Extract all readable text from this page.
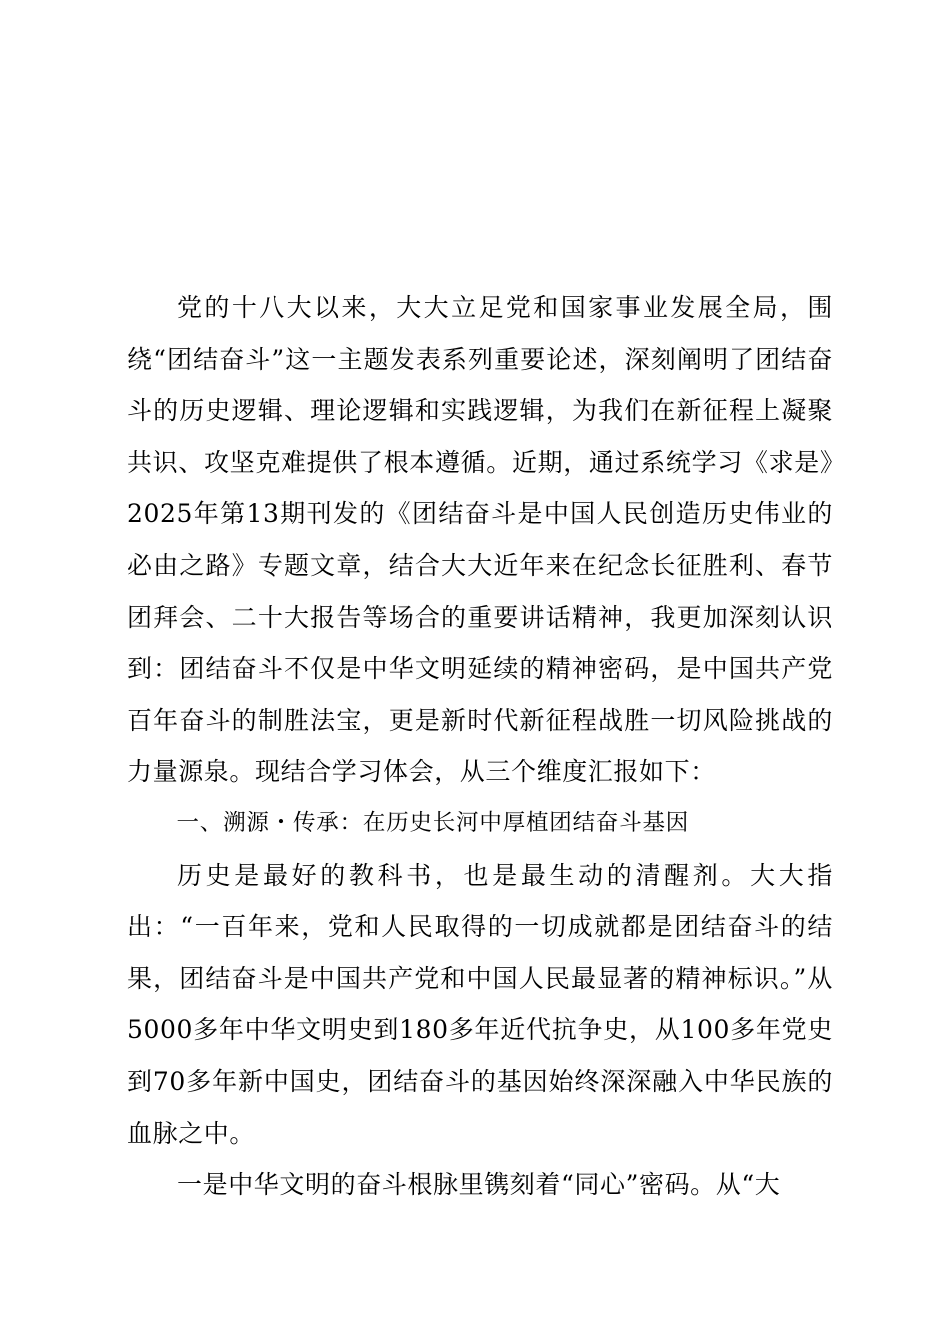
党的十八大以来，大大立足党和国家事业发展全局，围绕“团结奋斗”这一主题发表系列重要论述，深刻阐明了团结奋斗的历史逻辑、理论逻辑和实践逻辑，为我们在新征程上凝聚共识、攻坚克难提供了根本遵循。近期，通过系统学习《求是》2025年第13期刊发的《团结奋斗是中国人民创造历史伟业的必由之路》专题文章，结合大大近年来在纪念长征胜利、春节团拜会、二十大报告等场合的重要讲话精神，我更加深刻认识到：团结奋斗不仅是中华文明延续的精神密码，是中国共产党百年奋斗的制胜法宝，更是新时代新征程战胜一切风险挑战的力量源泉。现结合学习体会，从三个维度汇报如下：

一、溯源・传承：在历史长河中厚植团结奋斗基因

历史是最好的教科书，也是最生动的清醒剂。大大指出：“一百年来，党和人民取得的一切成就都是团结奋斗的结果，团结奋斗是中国共产党和中国人民最显著的精神标识。”从5000多年中华文明史到180多年近代抗争史，从100多年党史到70多年新中国史，团结奋斗的基因始终深深融入中华民族的血脉之中。

一是中华文明的奋斗根脉里镌刻着“同心”密码。从“大
